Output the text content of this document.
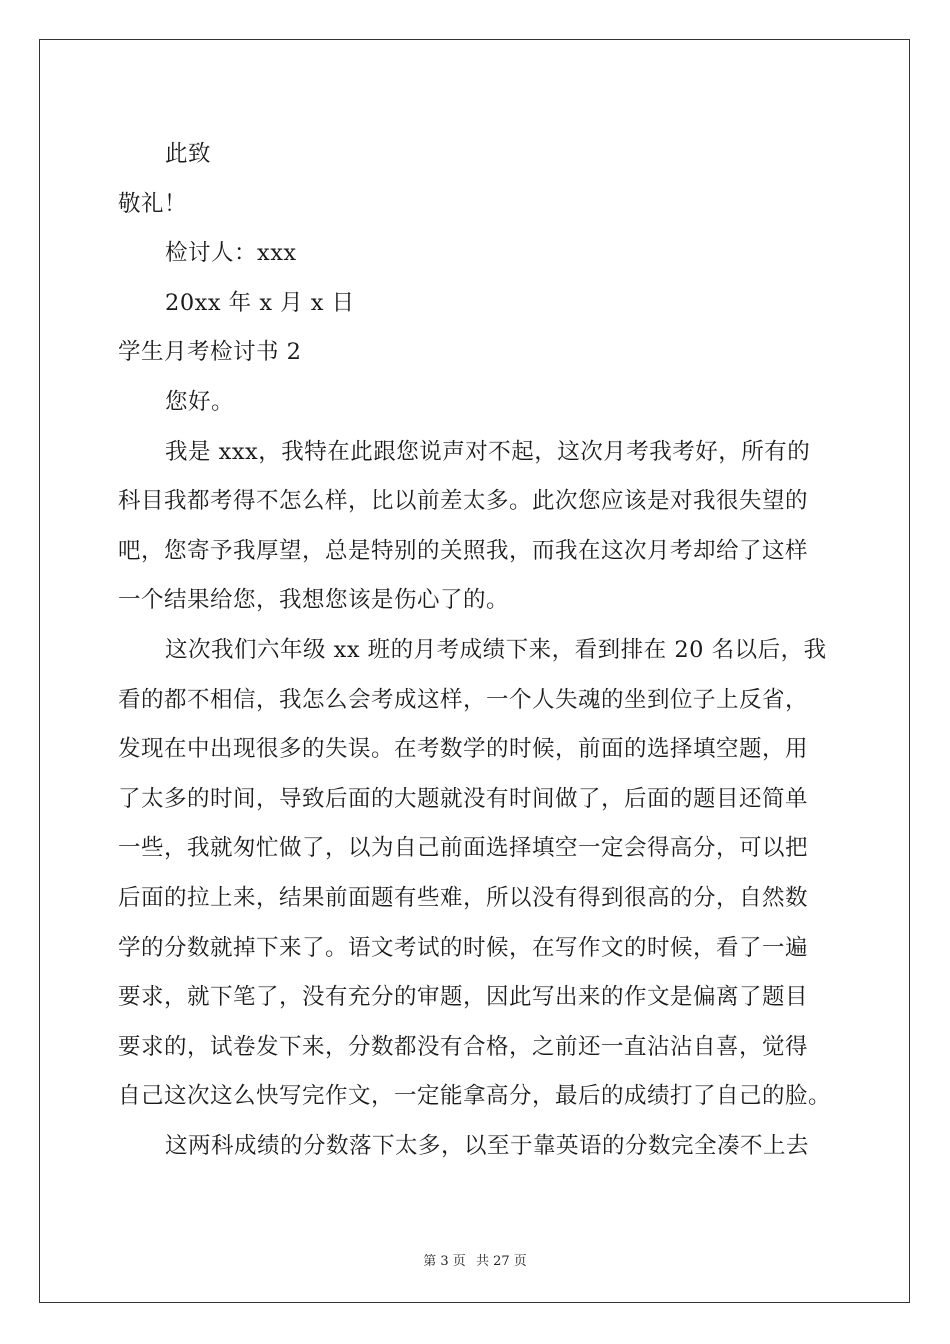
此致
敬礼！
检讨人：xxx
20xx 年 x 月 x 日
学生月考检讨书 2
您好。
我是 xxx，我特在此跟您说声对不起，这次月考我考好，所有的
科目我都考得不怎么样，比以前差太多。此次您应该是对我很失望的
吧，您寄予我厚望，总是特别的关照我，而我在这次月考却给了这样
一个结果给您，我想您该是伤心了的。
这次我们六年级 xx 班的月考成绩下来，看到排在 20 名以后，我
看的都不相信，我怎么会考成这样，一个人失魂的坐到位子上反省，
发现在中出现很多的失误。在考数学的时候，前面的选择填空题，用
了太多的时间，导致后面的大题就没有时间做了，后面的题目还简单
一些，我就匆忙做了，以为自己前面选择填空一定会得高分，可以把
后面的拉上来，结果前面题有些难，所以没有得到很高的分，自然数
学的分数就掉下来了。语文考试的时候，在写作文的时候，看了一遍
要求，就下笔了，没有充分的审题，因此写出来的作文是偏离了题目
要求的，试卷发下来，分数都没有合格，之前还一直沾沾自喜，觉得
自己这次这么快写完作文，一定能拿高分，最后的成绩打了自己的脸。
这两科成绩的分数落下太多，以至于靠英语的分数完全凑不上去
第 3 页 共 27 页
